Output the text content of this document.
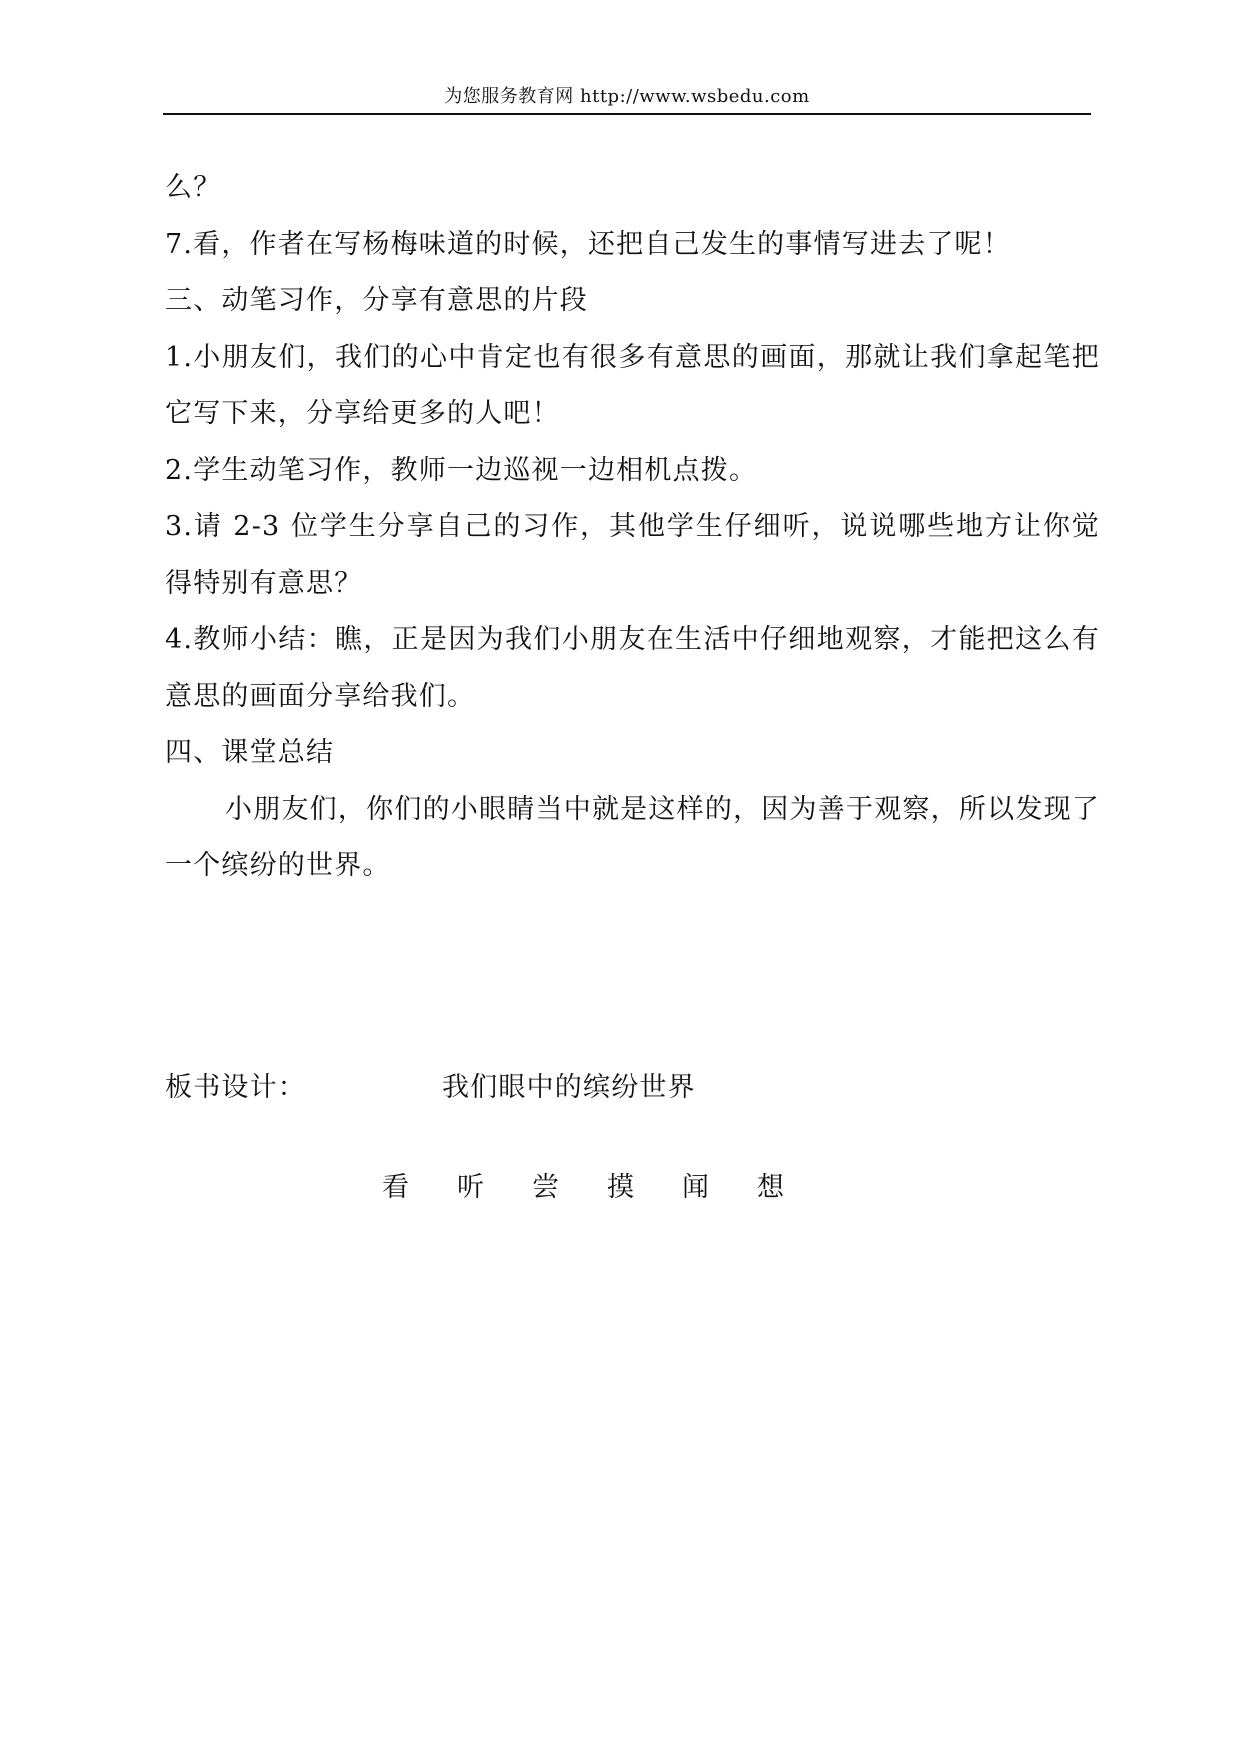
为您服务教育网 http://www.wsbedu.com

么？

7.看，作者在写杨梅味道的时候，还把自己发生的事情写进去了呢！

三、动笔习作，分享有意思的片段

1.小朋友们，我们的心中肯定也有很多有意思的画面，那就让我们拿起笔把它写下来，分享给更多的人吧！

2.学生动笔习作，教师一边巡视一边相机点拨。

3.请 2-3 位学生分享自己的习作，其他学生仔细听，说说哪些地方让你觉得特别有意思？

4.教师小结：瞧，正是因为我们小朋友在生活中仔细地观察，才能把这么有意思的画面分享给我们。

四、课堂总结

小朋友们，你们的小眼睛当中就是这样的，因为善于观察，所以发现了一个缤纷的世界。

板书设计：	我们眼中的缤纷世界
看	听	尝	摸	闻	想
